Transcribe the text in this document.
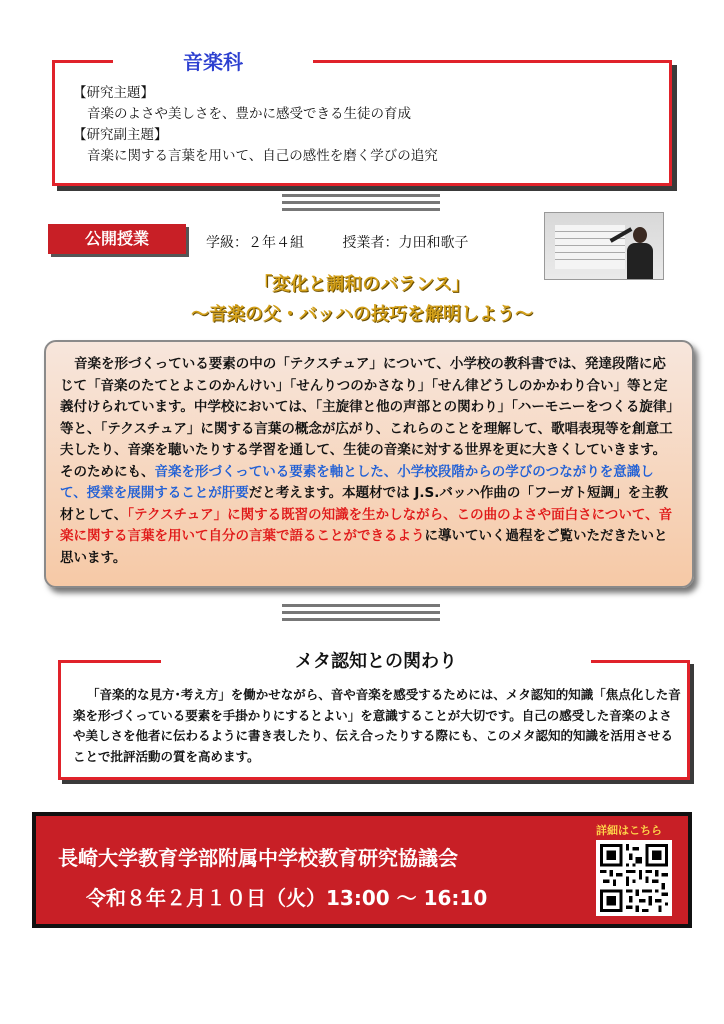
音楽科
【研究主題】
音楽のよさや美しさを、豊かに感受できる生徒の育成
【研究副主題】
音楽に関する言葉を用いて、自己の感性を磨く学びの追究
公開授業	学級：２年４組	授業者：力田和歌子
「変化と調和のバランス」
～音楽の父・バッハの技巧を解明しよう～
音楽を形づくっている要素の中の「テクスチュア」について、小学校の教科書では、発達段階に応じて「音楽のたてとよこのかんけい」「せんりつのかさなり」「せん律どうしのかかわり合い」等と定義付けられています。中学校においては、「主旋律と他の声部との関わり」「ハーモニーをつくる旋律」等と、「テクスチュア」に関する言葉の概念が広がり、これらのことを理解して、歌唱表現等を創意工夫したり、音楽を聴いたりする学習を通して、生徒の音楽に対する世界を更に大きくしていきます。そのためにも、音楽を形づくっている要素を軸とした、小学校段階からの学びのつながりを意識して、授業を展開することが肝要だと考えます。本題材では J.S.バッハ作曲の「フーガト短調」を主教材として、「テクスチュア」に関する既習の知識を生かしながら、この曲のよさや面白さについて、音楽に関する言葉を用いて自分の言葉で語ることができるように導いていく過程をご覧いただきたいと思います。
メタ認知との関わり
「音楽的な見方･考え方」を働かせながら、音や音楽を感受するためには、メタ認知的知識「焦点化した音楽を形づくっている要素を手掛かりにするとよい」を意識することが大切です。自己の感受した音楽のよさや美しさを他者に伝わるように書き表したり、伝え合ったりする際にも、このメタ認知的知識を活用させることで批評活動の質を高めます。
長崎大学教育学部附属中学校教育研究協議会
令和８年２月１０日（火）13:00 ～ 16:10
詳細はこちら
